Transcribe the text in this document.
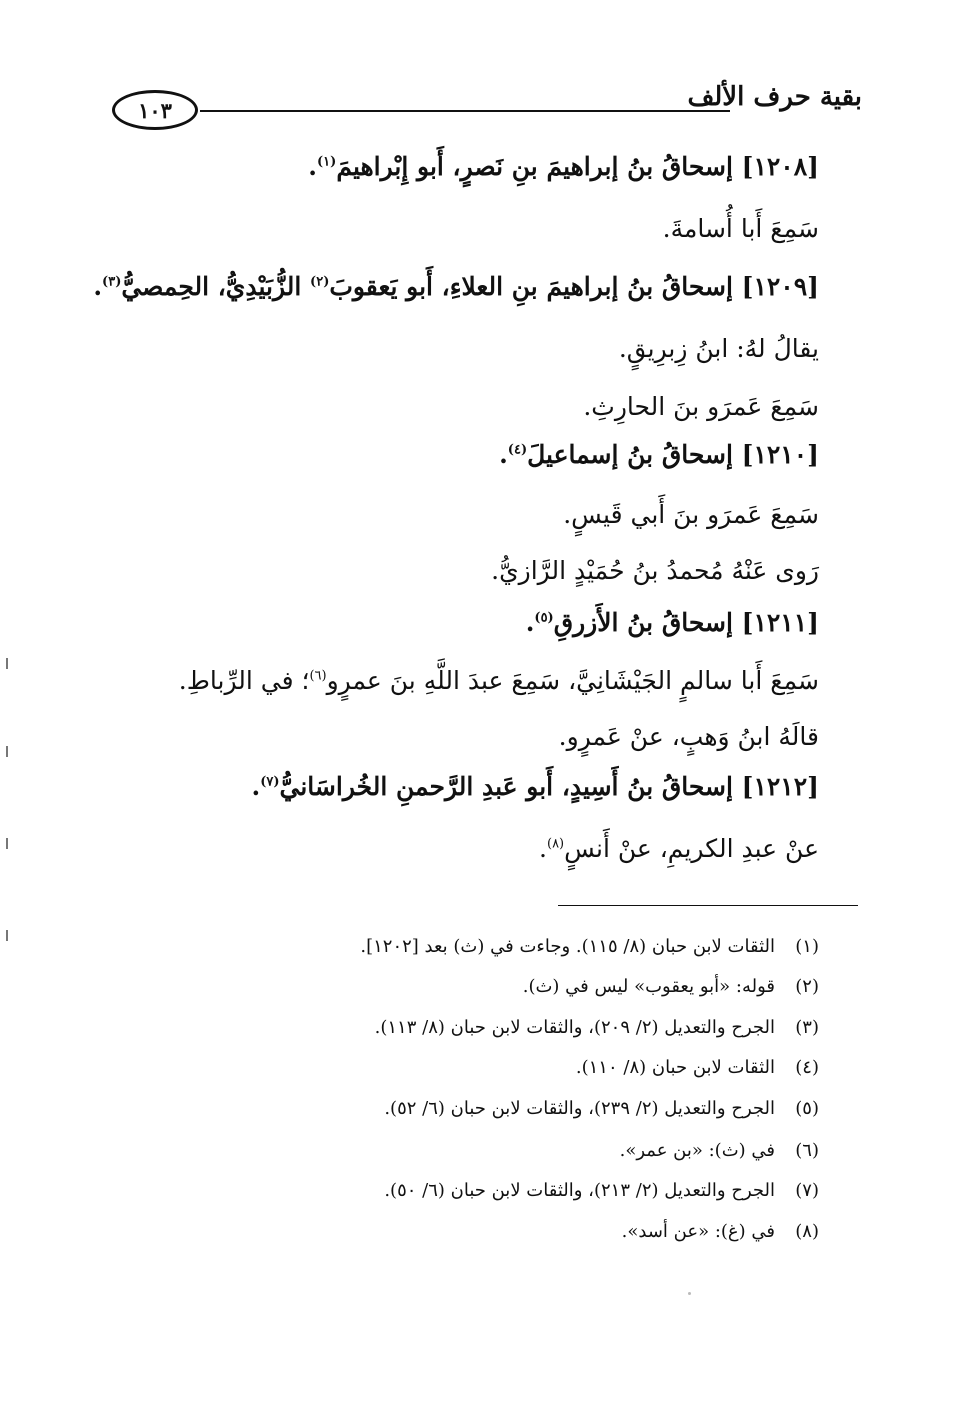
بقية حرف الألف
١٠٣
[١٢٠٨] إسحاقُ بنُ إبراهيمَ بنِ نَصرٍ، أَبو إِبْراهيمَ$^{(١)}$.
سَمِعَ أَبا أُسامةَ.
[١٢٠٩] إسحاقُ بنُ إبراهيمَ بنِ العلاءِ، أَبو يَعقوبَ$^{(٢)}$ الزُّبَيْدِيُّ، الحِمصيُّ$^{(٣)}$.
يقالُ لهُ: ابنُ زِبرِيقٍ.
سَمِعَ عَمرَو بنَ الحارِثِ.
[١٢١٠] إسحاقُ بنُ إسماعيلَ$^{(٤)}$.
سَمِعَ عَمرَو بنَ أَبي قَيسٍ.
رَوى عَنْهُ مُحمدُ بنُ حُمَيْدٍ الرَّازيُّ.
[١٢١١] إسحاقُ بنُ الأَزرقِ$^{(٥)}$.
سَمِعَ أَبا سالمٍ الجَيْشَانِيَّ، سَمِعَ عبدَ اللَّهِ بنَ عمرٍو$^{(٦)}$؛ في الرِّباطِ.
قالَهُ ابنُ وَهبٍ، عنْ عَمرٍو.
[١٢١٢] إسحاقُ بنُ أَسِيدٍ، أَبو عَبدِ الرَّحمنِ الخُراسَانيُّ$^{(٧)}$.
عنْ عبدِ الكريمِ، عنْ أَنسٍ$^{(٨)}$.
(١)الثقات لابن حبان (٨/ ١١٥). وجاءت في (ث) بعد [١٢٠٢].
(٢)قوله: «أبو يعقوب» ليس في (ث).
(٣)الجرح والتعديل (٢/ ٢٠٩)، والثقات لابن حبان (٨/ ١١٣).
(٤)الثقات لابن حبان (٨/ ١١٠).
(٥)الجرح والتعديل (٢/ ٢٣٩)، والثقات لابن حبان (٦/ ٥٢).
(٦)في (ث): «بن عمر».
(٧)الجرح والتعديل (٢/ ٢١٣)، والثقات لابن حبان (٦/ ٥٠).
(٨)في (غ): «عن أسد».
